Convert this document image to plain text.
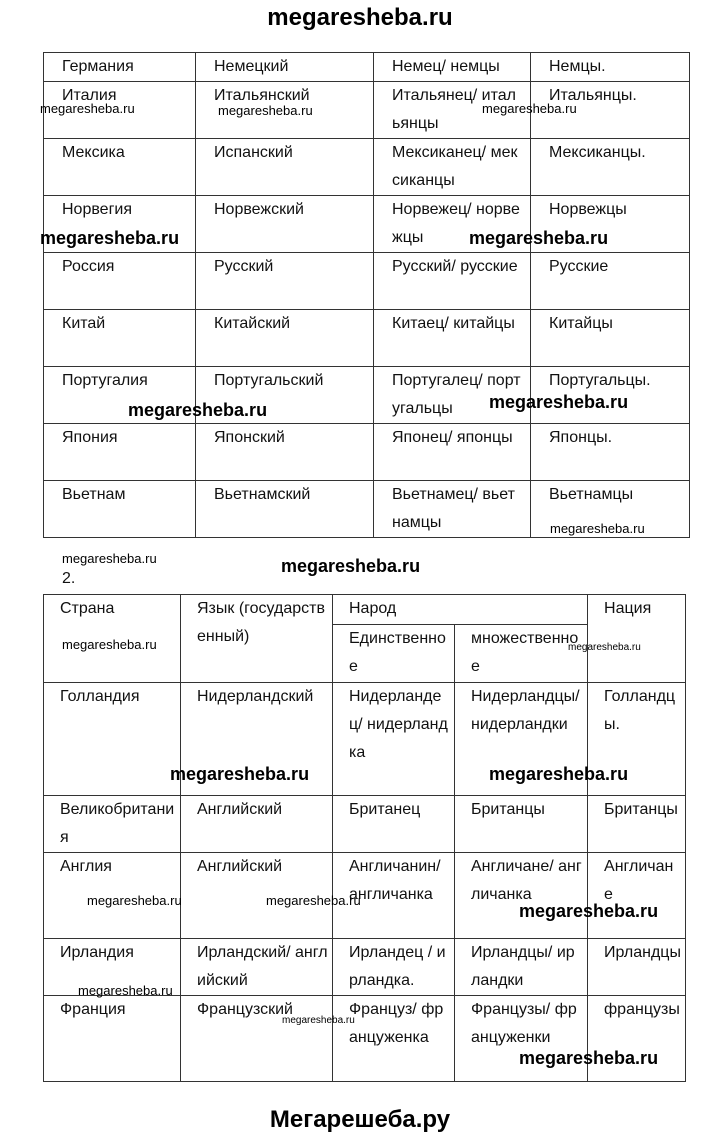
megaresheba.ru
Германия	Немецкий	Немец/ немцы	Немцы.
Италия	Итальянский	Итальянец/ итальянцы	Итальянцы.
Мексика	Испанский	Мексиканец/ мексиканцы	Мексиканцы.
Норвегия	Норвежский	Норвежец/ норвежцы	Норвежцы
Россия	Русский	Русский/ русские	Русские
Китай	Китайский	Китаец/ китайцы	Китайцы
Португалия	Португальский	Португалец/ португальцы	Португальцы.
Япония	Японский	Японец/ японцы	Японцы.
Вьетнам	Вьетнамский	Вьетнамец/ вьетнамцы	Вьетнамцы
2.
Страна	Язык (государственный)	Народ		Нация
		Единственное	множественное	
Голландия	Нидерландский	Нидерландец/ нидерландка	Нидерландцы/ нидерландки	Голландцы.
Великобритания	Английский	Британец	Британцы	Британцы
Англия	Английский	Англичанин/ англичанка	Англичане/ англичанка	Англичане
Ирландия	Ирландский/ английский	Ирландец / ирландка.	Ирландцы/ ирландки	Ирландцы
Франция	Французский	Француз/ француженка	Французы/ француженки	французы
megaresheba.ru	megaresheba.ru	megaresheba.ru
megaresheba.ru	megaresheba.ru
megaresheba.ru	megaresheba.ru
megaresheba.ru
megaresheba.ru	megaresheba.ru
megaresheba.ru	megaresheba.ru
megaresheba.ru	megaresheba.ru
megaresheba.ru	megaresheba.ru
megaresheba.ru
megaresheba.ru
megaresheba.ru
megaresheba.ru
Мегарешеба.ру
